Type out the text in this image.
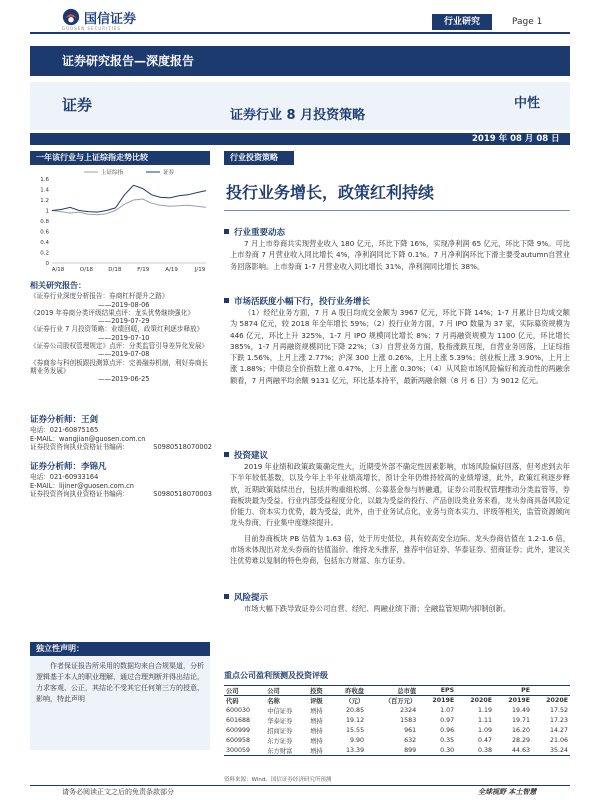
国信证券
GUOSEN SECURITIES
行业研究	Page 1
证券研究报告—深度报告
证券
证券行业 8 月投资策略
中性
2019 年 08 月 08 日
一年该行业与上证综指走势比较
上证综指	证券
0
0.2
0.4
0.6
0.8
1
1.2
1.4
1.6
A/18	O/18	D/18	F/19	A/19	J/19
相关研究报告：
《证券行业深度分析报告：券商杠杆提升之路》
——2019-08-06
《2019 年券商分类评级结果点评：龙头优势继续强化》
——2019-07-29
《证券行业 7 月投资策略：业绩回暖，政策红利逐步释放》
——2019-07-10
《证券公司股权管理规定》点评：分类监管引导差异化发展》
——2019-07-08
《券商参与科创板跟投测算点评：完善融券机制，利好券商长期业务发展》
——2019-06-25
证券分析师：王剑
电话：021-60875165
E-MAIL：wangjian@guosen.com.cn
证券投资咨询执业资格证书编码：	S0980518070002
证券分析师：李锦凡
电话：021-60933164
E-MAIL：lijiner@guosen.com.cn
证券投资咨询执业资格证书编码：	S0980518070003
独立性声明：
作者保证报告所采用的数据均来自合规渠道，分析逻辑基于本人的职业理解，通过合理判断并得出结论，力求客观、公正，其结论不受其它任何第三方的授意、影响，特此声明
行业投资策略
投行业务增长，政策红利持续
行业重要动态

7 月上市券商共实现营业收入 180 亿元，环比下降 16%，实现净利润 65 亿元，环比下降 9%。可比上市券商 7 月营业收入同比增长 4%，净利润同比下降 0.1%。7 月净利润环比下滑主要受autumn自营业务回落影响。上市券商 1-7 月营业收入同比增长 31%，净利润同比增长 38%。

市场活跃度小幅下行，投行业务增长

（1）经纪业务方面，7 月 A 股日均成交金额为 3967 亿元，环比下降 14%；1-7 月累计日均成交额为 5874 亿元，较 2018 年全年增长 59%；（2）投行业务方面，7 月 IPO 数量为 37 家，实际募资规模为 446 亿元，环比上升 325%，1-7 月 IPO 规模同比增长 8%；7 月再融资规模为 1100 亿元，环比增长 385%，1-7 月再融资规模同比下降 22%；（3）自营业务方面，股指涨跌互现，自营业务回落，上证综指下跌 1.56%，上月上涨 2.77%；沪深 300 上涨 0.26%，上月上涨 5.39%；创业板上涨 3.90%，上月上涨 1.88%；中债总全价指数上涨 0.47%，上月上涨 0.30%；（4）从风险市场风险偏好和流动性的两融余额看，7 月两融平均余额 9131 亿元，环比基本持平，最新两融余额（8 月 6 日）为 9012 亿元。

投资建议

2019 年业绩和政策政策确定性大，近期受外部不确定性因素影响，市场风险偏好回落，但考虑到去年下半年较低基数，以及今年上半年业绩高增长，预计全年仍维持较高的业绩增速，此外，政策红利逐步释放，近期政策陆续出台，包括并购重组松绑、公募基金参与转融通，证券公司股权管理推动分类监管等，券商板块最为受益。行业内部受益程度分化，以最为受益的投行、产品创设类业务来看，龙头券商具备风险定价能力、资本实力优势，最为受益，此外，由于业务试点化，业务与资本实力、评级等相关，监管资源倾向龙头券商，行业集中度继续提升。

目前券商板块 PB 估值为 1.63 倍，处于历史低位，具有较高安全边际。龙头券商估值在 1.2-1.6 倍，市场未体现出对龙头券商的估值溢价。维持龙头推荐，推荐中信证券、华泰证券、招商证券；此外，建议关注优势难以复制的特色券商，包括东方财富、东方证券。

风险提示

市场大幅下跌导致证券公司自营、经纪、两融业绩下滑；全融监管短期内抑制创新。

重点公司盈利预测及投资评级
公司	公司	投资	昨收盘	总市值	EPS		PE	
代码	名称	评级	（元）	（百万元）	2019E	2020E	2019E	2020E
600030	中信证券	增持	20.85	2324	1.07	1.19	19.49	17.52
601688	华泰证券	增持	19.12	1583	0.97	1.11	19.71	17.23
600999	招商证券	增持	15.55	961	0.96	1.09	16.20	14.27
600958	东方证券	增持	9.90	632	0.35	0.47	28.29	21.06
300059	东方财富	增持	13.39	899	0.30	0.38	44.63	35.24
资料来源：Wind、国信证券经济研究所预测
请务必阅读正文之后的免责条款部分	全球视野 本土智慧
